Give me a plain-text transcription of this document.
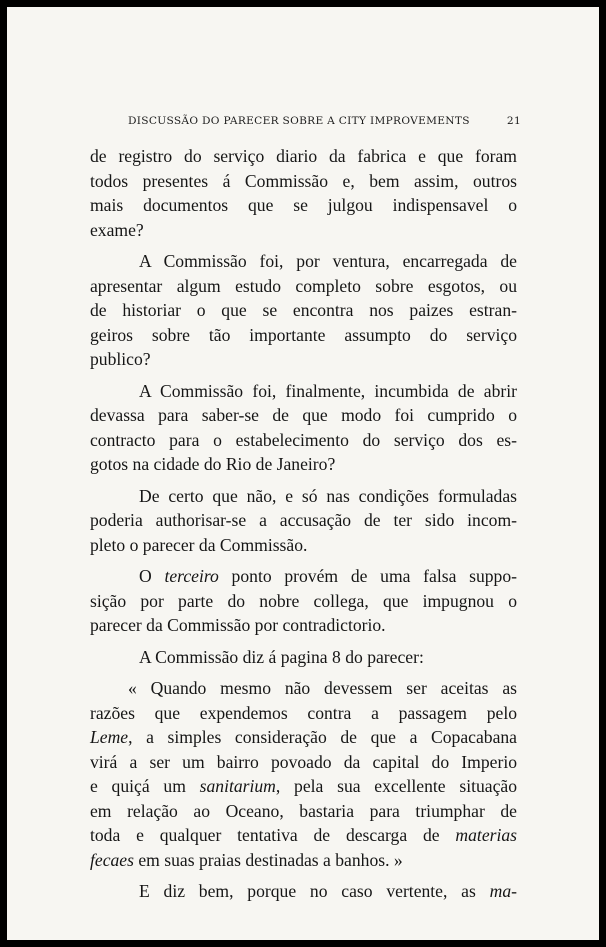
DISCUSSÃO DO PARECER SOBRE A CITY IMPROVEMENTS	21

de registro do serviço diario da fabrica e que foram

todos presentes á Commissão e, bem assim, outros

mais documentos que se julgou indispensavel o

exame?

A Commissão foi, por ventura, encarregada de

apresentar algum estudo completo sobre esgotos, ou

de historiar o que se encontra nos paizes estran-

geiros sobre tão importante assumpto do serviço

publico?

A Commissão foi, finalmente, incumbida de abrir

devassa para saber-se de que modo foi cumprido o

contracto para o estabelecimento do serviço dos es-

gotos na cidade do Rio de Janeiro?

De certo que não, e só nas condições formuladas

poderia authorisar-se a accusação de ter sido incom-

pleto o parecer da Commissão.

O terceiro ponto provém de uma falsa suppo-

sição por parte do nobre collega, que impugnou o

parecer da Commissão por contradictorio.

A Commissão diz á pagina 8 do parecer:

« Quando mesmo não devessem ser aceitas as

razões que expendemos contra a passagem pelo

Leme, a simples consideração de que a Copacabana

virá a ser um bairro povoado da capital do Imperio

e quiçá um sanitarium, pela sua excellente situação

em relação ao Oceano, bastaria para triumphar de

toda e qualquer tentativa de descarga de materias

fecaes em suas praias destinadas a banhos. »

E diz bem, porque no caso vertente, as ma-
